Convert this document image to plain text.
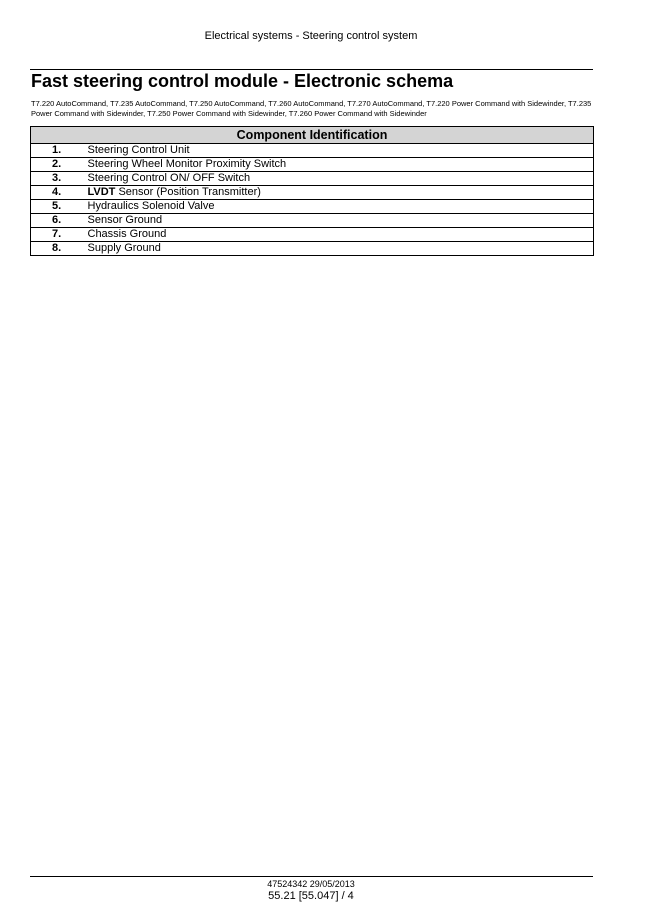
Electrical systems - Steering control system
Fast steering control module - Electronic schema
T7.220 AutoCommand, T7.235 AutoCommand, T7.250 AutoCommand, T7.260 AutoCommand, T7.270 AutoCommand, T7.220 Power Command with Sidewinder, T7.235 Power Command with Sidewinder, T7.250 Power Command with Sidewinder, T7.260 Power Command with Sidewinder
Component Identification	
1.	Steering Control Unit
2.	Steering Wheel Monitor Proximity Switch
3.	Steering Control ON/ OFF Switch
4.	LVDT Sensor (Position Transmitter)
5.	Hydraulics Solenoid Valve
6.	Sensor Ground
7.	Chassis Ground
8.	Supply Ground
47524342 29/05/2013
55.21 [55.047] / 4
